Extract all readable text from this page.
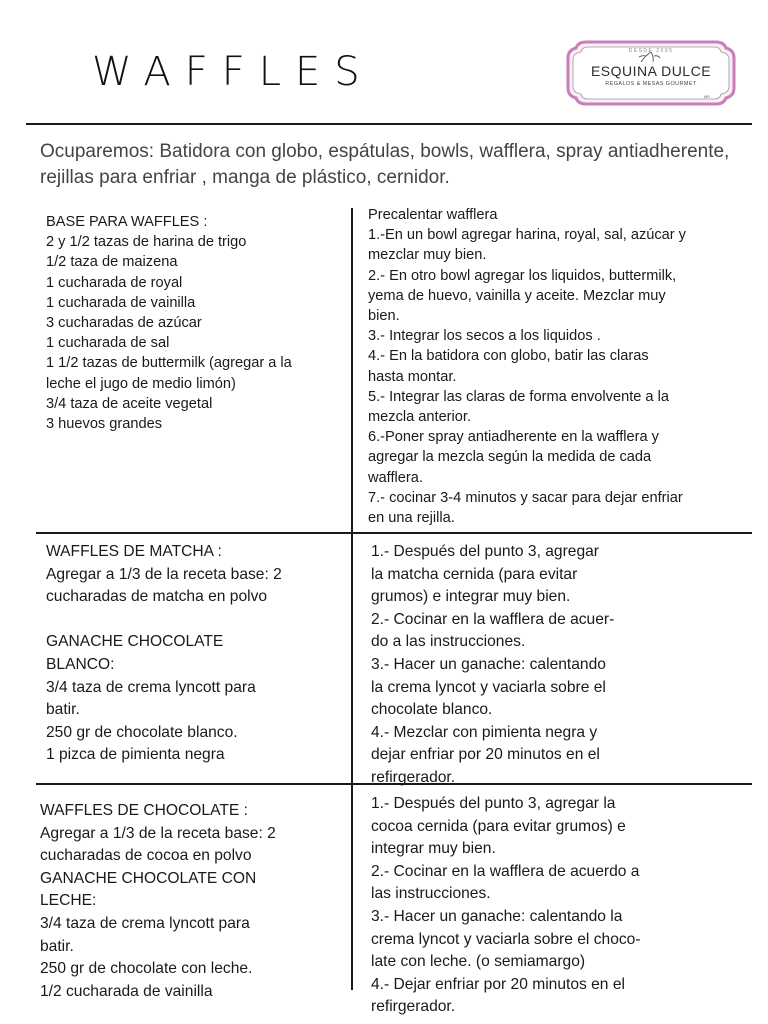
WAFFLES	DESDE 2005
ESQUINA DULCE
REGALOS & MESAS GOURMET
MR
Ocuparemos: Batidora con globo, espátulas, bowls, wafflera, spray antiadherente, rejillas para enfriar , manga de plástico, cernidor.
BASE PARA WAFFLES :
2 y 1/2 tazas de harina de trigo
1/2 taza de maizena
1 cucharada de royal
1 cucharada de vainilla
3 cucharadas de azúcar
1 cucharada de sal
1 1/2 tazas de buttermilk (agregar a la
leche el jugo de medio limón)
3/4 taza de aceite vegetal
3 huevos grandes
Precalentar wafflera
1.-En un bowl agregar harina, royal, sal, azúcar y
mezclar muy bien.
2.- En otro bowl agregar los liquidos, buttermilk,
yema de huevo, vainilla y aceite. Mezclar muy
bien.
3.- Integrar los secos a los liquidos .
4.- En la batidora con globo, batir las claras
hasta montar.
5.- Integrar las claras de forma envolvente a la
mezcla anterior.
6.-Poner spray antiadherente en la wafflera y
agregar la mezcla según la medida de cada
wafflera.
7.- cocinar 3-4 minutos y sacar para dejar enfriar
en una rejilla.
WAFFLES DE MATCHA :
Agregar a 1/3 de la receta base: 2
cucharadas de matcha en polvo

GANACHE CHOCOLATE
BLANCO:
3/4 taza de crema lyncott para
batir.
250 gr de chocolate blanco.
1 pizca de pimienta negra
1.- Después del punto 3, agregar
la matcha cernida (para evitar
grumos) e integrar muy bien.
2.- Cocinar en la wafflera de acuer-
do a las instrucciones.
3.- Hacer un ganache: calentando
la crema lyncot y vaciarla sobre el
chocolate blanco.
4.- Mezclar con pimienta negra y
dejar enfriar por 20 minutos en el
refirgerador.
WAFFLES DE CHOCOLATE :
Agregar a 1/3 de la receta base: 2
cucharadas de cocoa en polvo
GANACHE CHOCOLATE CON
LECHE:
3/4 taza de crema lyncott para
batir.
250 gr de chocolate con leche.
1/2 cucharada de vainilla
1.- Después del punto 3, agregar la
cocoa cernida (para evitar grumos) e
integrar muy bien.
2.- Cocinar en la wafflera de acuerdo a
las instrucciones.
3.- Hacer un ganache: calentando la
crema lyncot y vaciarla sobre el choco-
late con leche. (o semiamargo)
4.- Dejar enfriar por 20 minutos en el
refirgerador.
